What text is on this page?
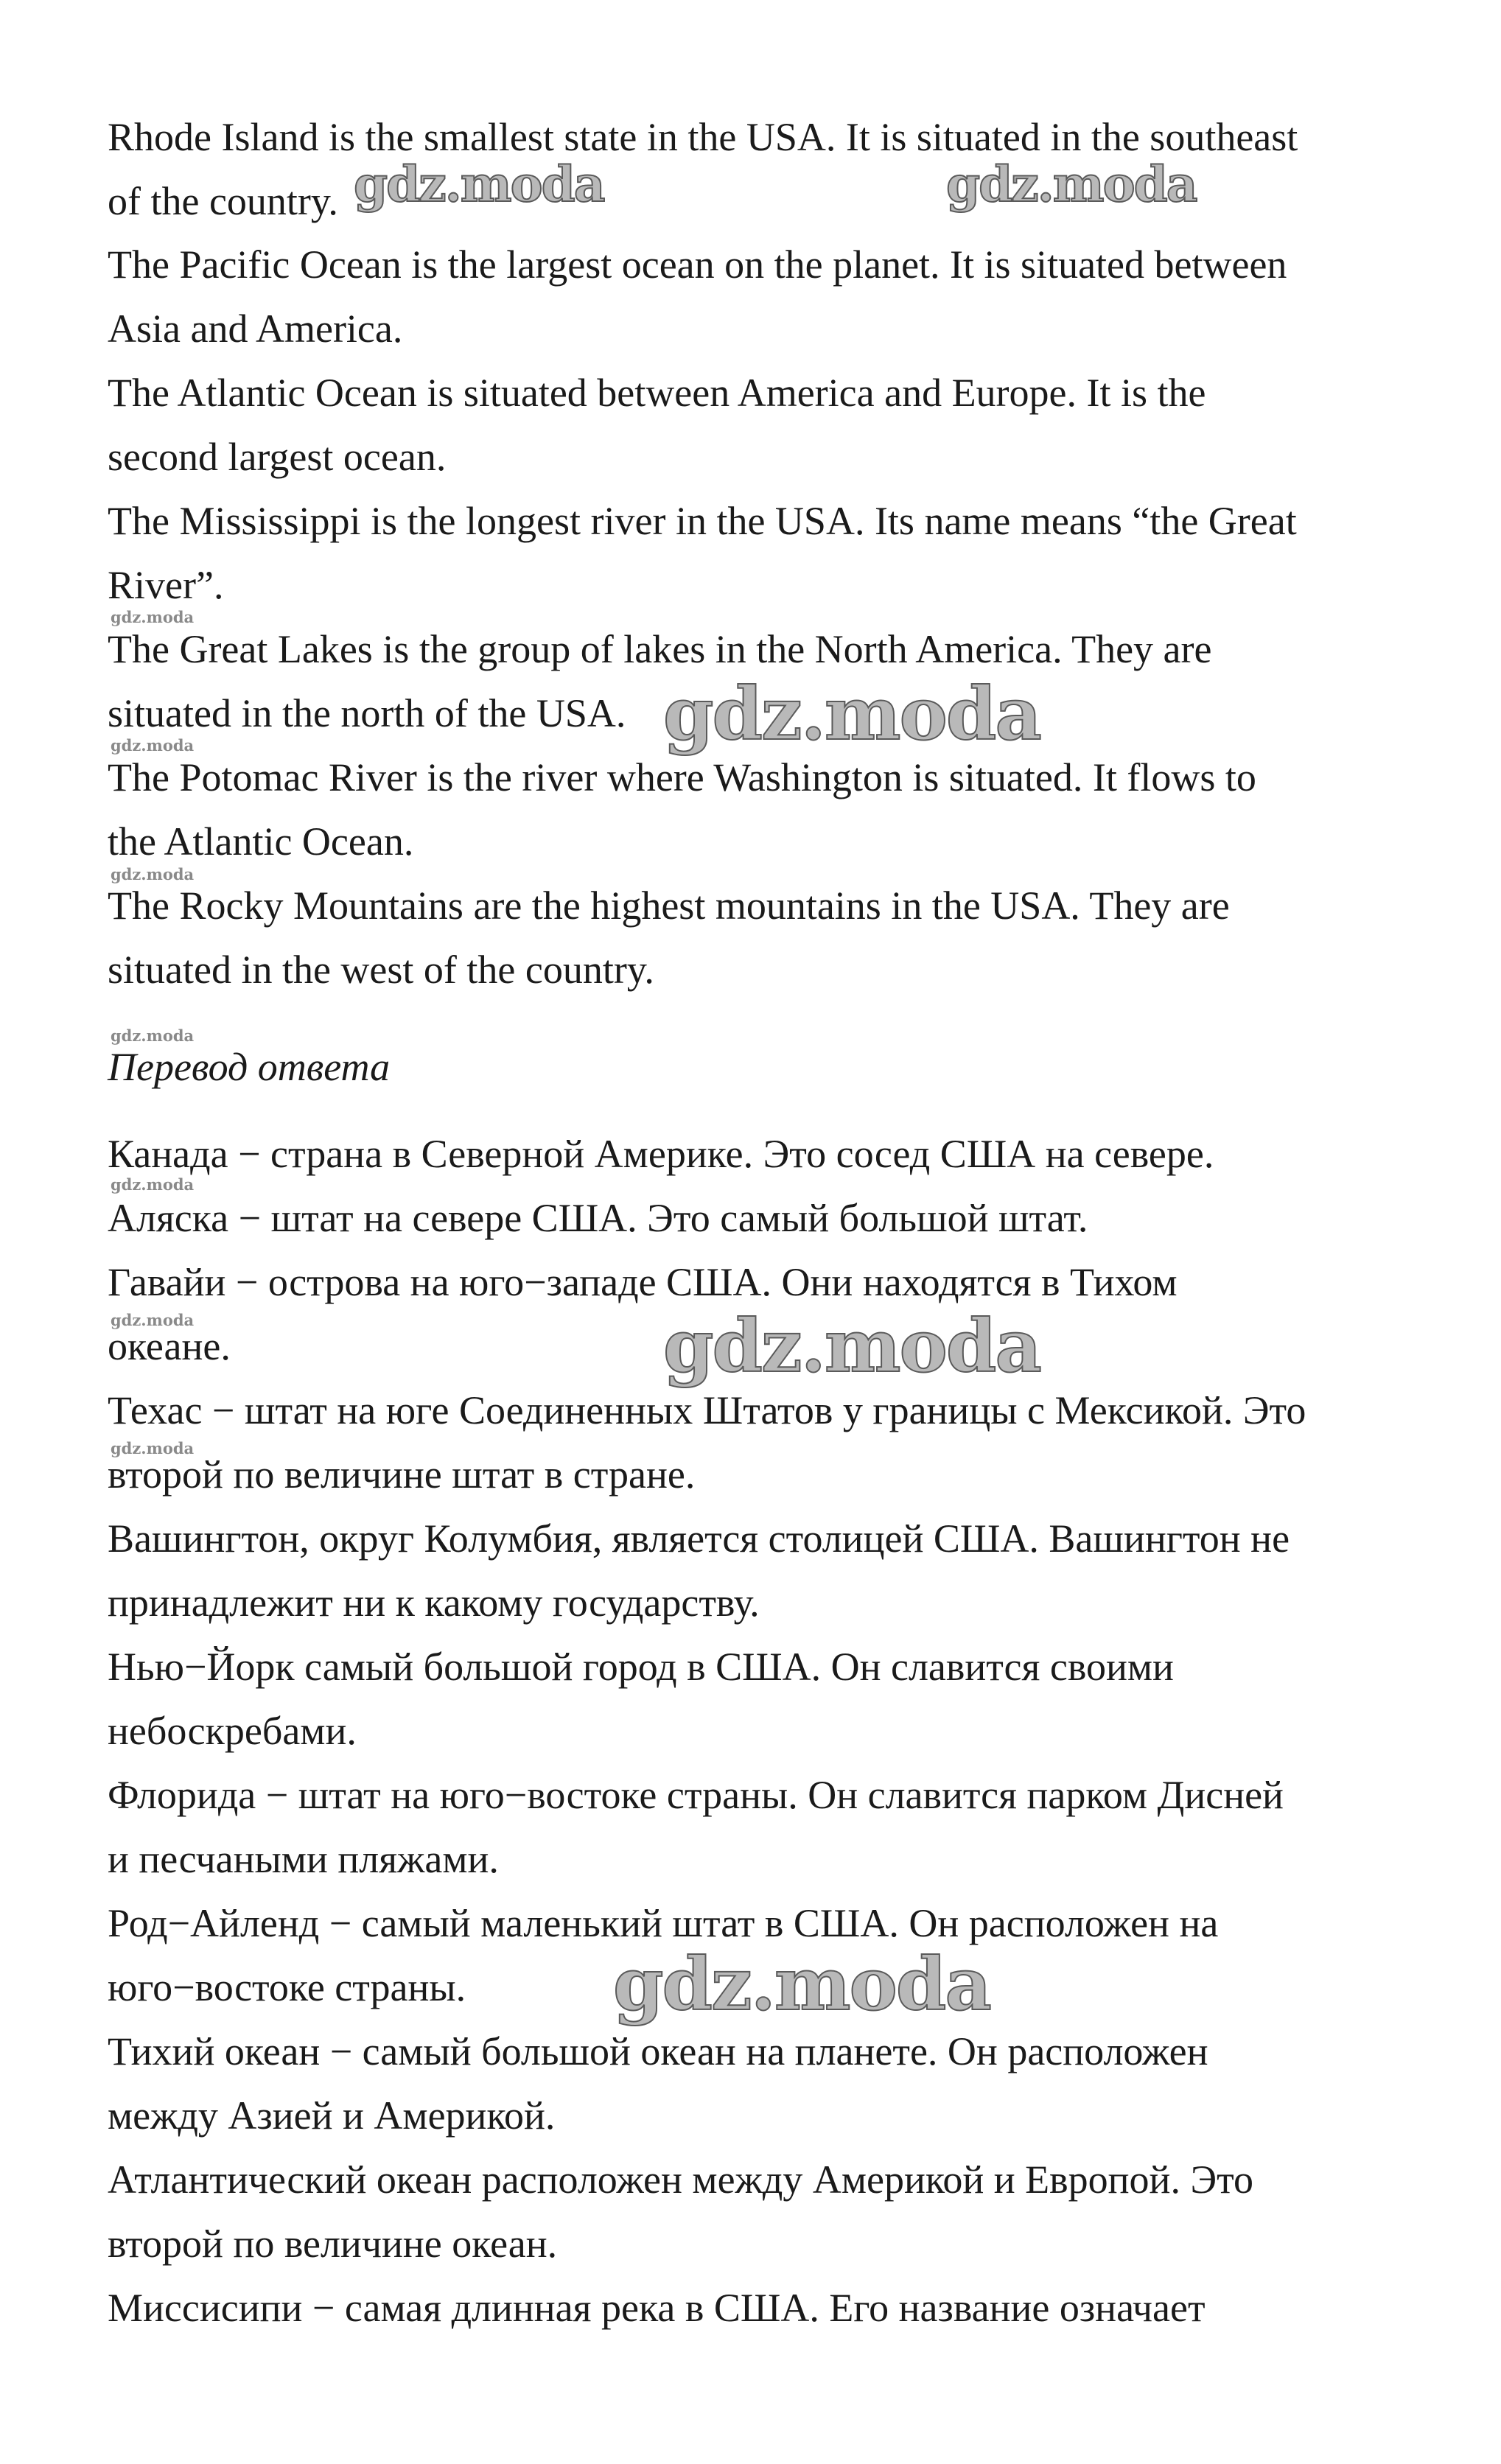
Rhode Island is the smallest state in the USA. It is situated in the southeast
of the country.
The Pacific Ocean is the largest ocean on the planet. It is situated between
Asia and America.
The Atlantic Ocean is situated between America and Europe. It is the
second largest ocean.
The Mississippi is the longest river in the USA. Its name means “the Great
River”.
The Great Lakes is the group of lakes in the North America. They are
situated in the north of the USA.
The Potomac River is the river where Washington is situated. It flows to
the Atlantic Ocean.
The Rocky Mountains are the highest mountains in the USA. They are
situated in the west of the country.
Перевод ответа
Канада − страна в Северной Америке. Это сосед США на севере.
Аляска − штат на севере США. Это самый большой штат.
Гавайи − острова на юго−западе США. Они находятся в Тихом
океане.
Техас − штат на юге Соединенных Штатов у границы с Мексикой. Это
второй по величине штат в стране.
Вашингтон, округ Колумбия, является столицей США. Вашингтон не
принадлежит ни к какому государству.
Нью−Йорк самый большой город в США. Он славится своими
небоскребами.
Флорида − штат на юго−востоке страны. Он славится парком Дисней
и песчаными пляжами.
Род−Айленд − самый маленький штат в США. Он расположен на
юго−востоке страны.
Тихий океан − самый большой океан на планете. Он расположен
между Азией и Америкой.
Атлантический океан расположен между Америкой и Европой. Это
второй по величине океан.
Миссисипи − самая длинная река в США. Его название означает
gdz.moda	gdz.moda
gdz.moda
gdz.moda
gdz.moda
gdz.moda
gdz.moda
gdz.moda
gdz.moda
gdz.moda
gdz.moda
gdz.moda
